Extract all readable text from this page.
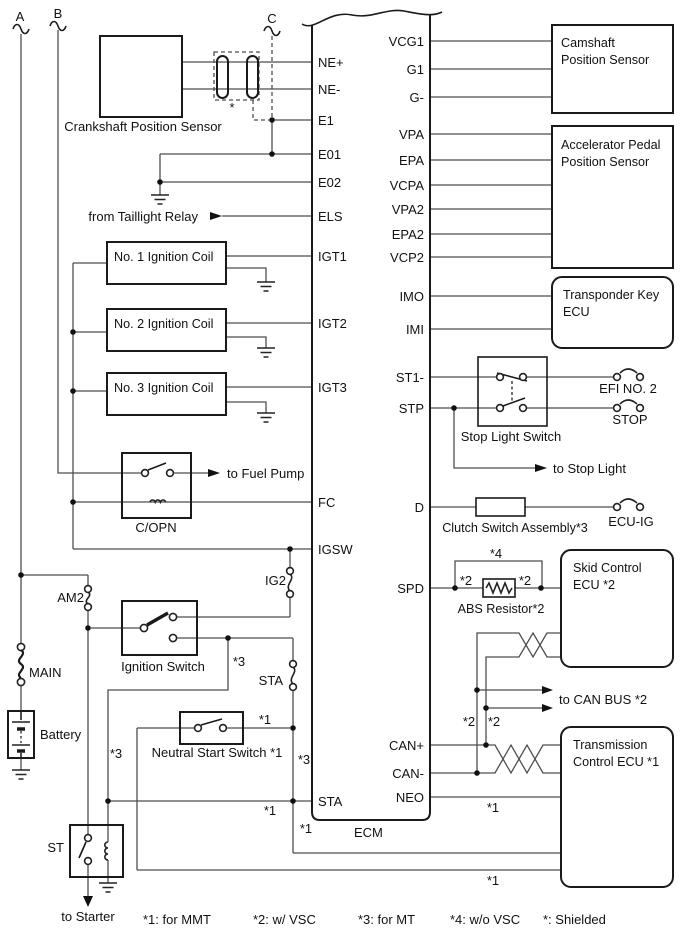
A B	C
NE+
NE-
E1
E01
E02
ELS
IGT1
IGT2
IGT3
FC
IGSW
STA
VCG1
G1
G-
VPA
EPA
VCPA
VPA2
EPA2
VCP2
IMO
IMI
ST1-
STP
D
SPD
CAN+
CAN-
NEO
Crankshaft Position Sensor
Camshaft
Position Sensor
Accelerator Pedal
Position Sensor
Transponder Key
ECU
Skid Control
ECU *2
Transmission
Control ECU *1
No. 1 Ignition Coil
No. 2 Ignition Coil
No. 3 Ignition Coil
C/OPN
Ignition Switch
Neutral Start Switch *1
Stop Light Switch
Clutch Switch Assembly*3
ABS Resistor*2
Battery
ST
ECM
MAIN
AM2
IG2
STA
EFI NO. 2
STOP
ECU-IG
from Taillight Relay
to Fuel Pump	to Stop Light
to CAN BUS *2
to Starter
*
*4
*2	*2
*2 *2
*3
*3	*3
*1
*1
*1
*1
*1
*1: for MMT	*2: w/ VSC	*3: for MT	*4: w/o VSC *: Shielded
